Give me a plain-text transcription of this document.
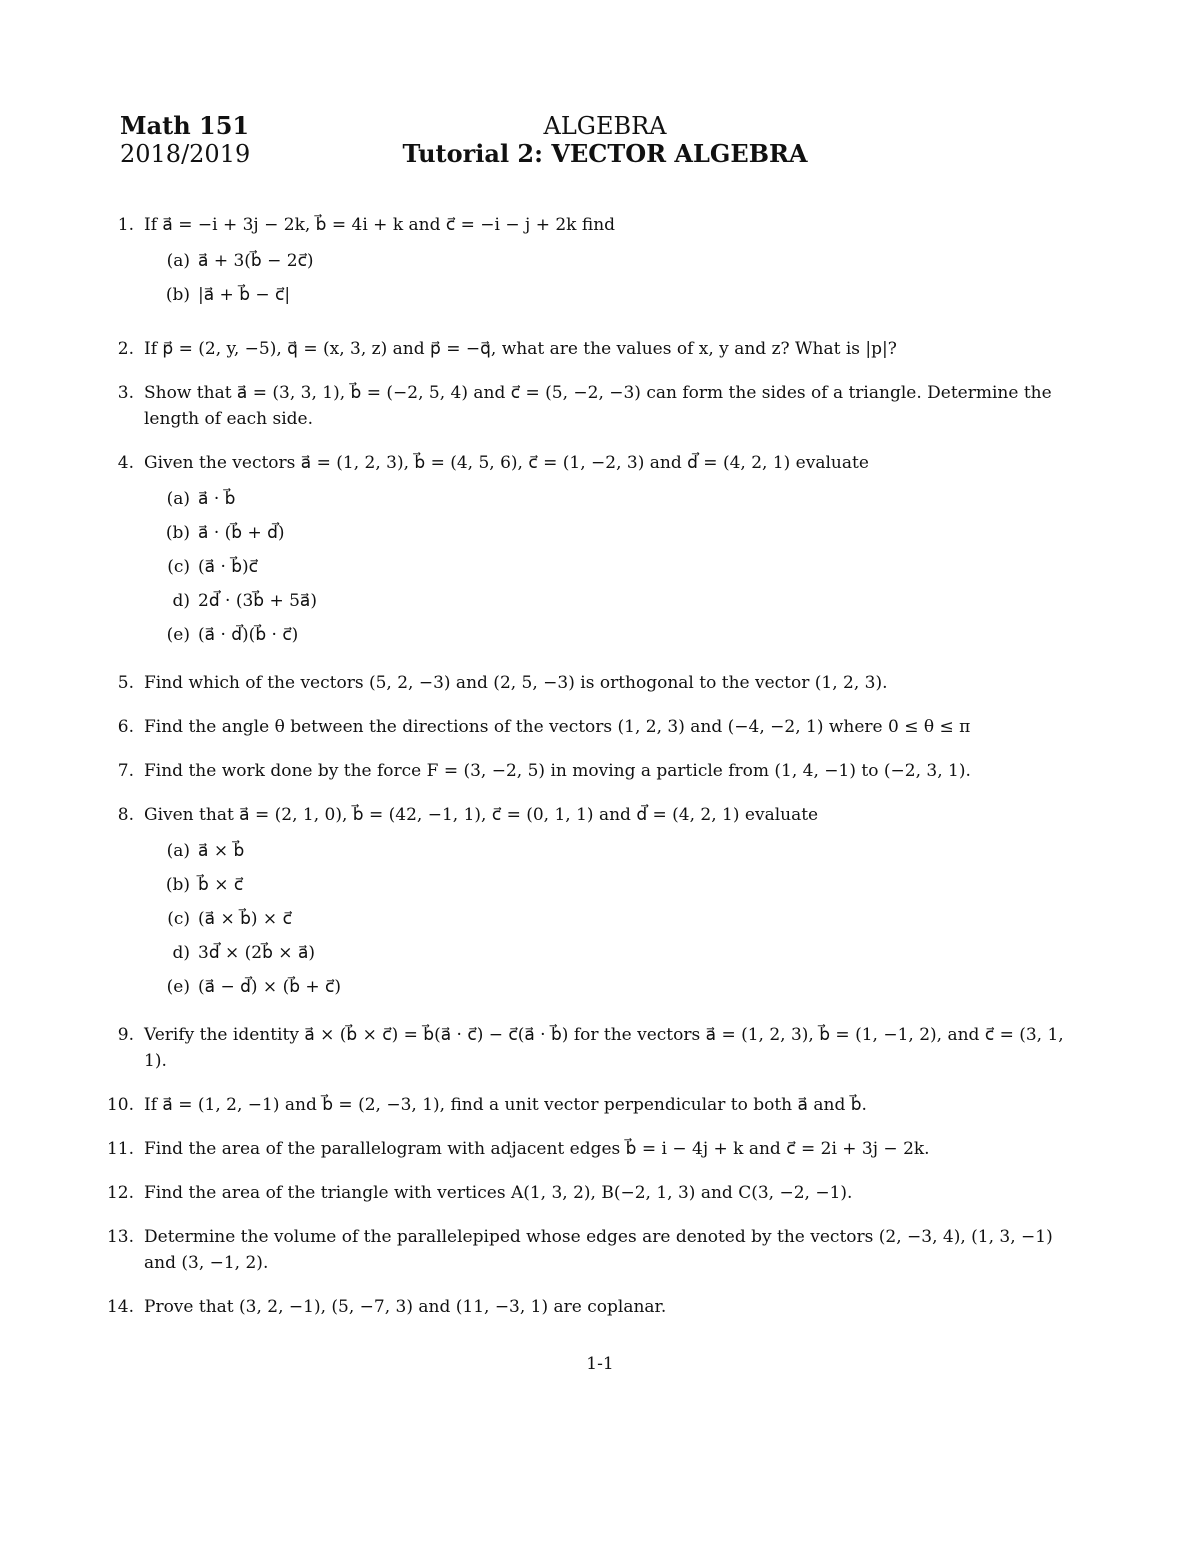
Math 151
2018/2019
ALGEBRA
Tutorial 2: VECTOR ALGEBRA
1. If a⃗ = −i + 3j − 2k, b⃗ = 4i + k and c⃗ = −i − j + 2k find
(a) a⃗ + 3(b⃗ − 2c⃗)
(b) |a⃗ + b⃗ − c⃗|
2. If p⃗ = (2, y, −5), q⃗ = (x, 3, z) and p⃗ = −q⃗, what are the values of x, y and z? What is |p|?
3. Show that a⃗ = (3, 3, 1), b⃗ = (−2, 5, 4) and c⃗ = (5, −2, −3) can form the sides of a triangle. Determine the length of each side.
4. Given the vectors a⃗ = (1, 2, 3), b⃗ = (4, 5, 6), c⃗ = (1, −2, 3) and d⃗ = (4, 2, 1) evaluate
(a) a⃗ · b⃗
(b) a⃗ · (b⃗ + d⃗)
(c) (a⃗ · b⃗)c⃗
d) 2d⃗ · (3b⃗ + 5a⃗)
(e) (a⃗ · d⃗)(b⃗ · c⃗)
5. Find which of the vectors (5, 2, −3) and (2, 5, −3) is orthogonal to the vector (1, 2, 3).
6. Find the angle θ between the directions of the vectors (1, 2, 3) and (−4, −2, 1) where 0 ≤ θ ≤ π
7. Find the work done by the force F = (3, −2, 5) in moving a particle from (1, 4, −1) to (−2, 3, 1).
8. Given that a⃗ = (2, 1, 0), b⃗ = (42, −1, 1), c⃗ = (0, 1, 1) and d⃗ = (4, 2, 1) evaluate
(a) a⃗ × b⃗
(b) b⃗ × c⃗
(c) (a⃗ × b⃗) × c⃗
d) 3d⃗ × (2b⃗ × a⃗)
(e) (a⃗ − d⃗) × (b⃗ + c⃗)
9. Verify the identity a⃗ × (b⃗ × c⃗) = b⃗(a⃗ · c⃗) − c⃗(a⃗ · b⃗) for the vectors a⃗ = (1, 2, 3), b⃗ = (1, −1, 2), and c⃗ = (3, 1, 1).
10. If a⃗ = (1, 2, −1) and b⃗ = (2, −3, 1), find a unit vector perpendicular to both a⃗ and b⃗.
11. Find the area of the parallelogram with adjacent edges b⃗ = i − 4j + k and c⃗ = 2i + 3j − 2k.
12. Find the area of the triangle with vertices A(1, 3, 2), B(−2, 1, 3) and C(3, −2, −1).
13. Determine the volume of the parallelepiped whose edges are denoted by the vectors (2, −3, 4), (1, 3, −1) and (3, −1, 2).
14. Prove that (3, 2, −1), (5, −7, 3) and (11, −3, 1) are coplanar.
1-1
